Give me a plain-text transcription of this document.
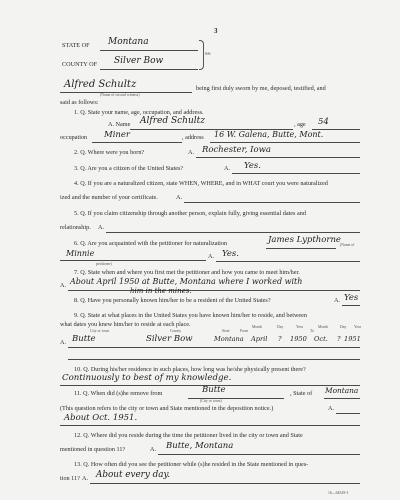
3
STATE OF Montana
SS:
COUNTY OF Silver Bow
Alfred Schultz
(Name of second witness)
being first duly sworn by me, deposed, testified, and
said as follows:
1. Q. State your name, age, occupation, and address.
A. Name Alfred Schultz	, age 54
occupation Miner	, address 16 W. Galena, Butte, Mont.
2. Q. Where were you born?	A. Rochester, Iowa
3. Q. Are you a citizen of the United States?	A. Yes.
4. Q. If you are a naturalized citizen, state WHEN, WHERE, and in WHAT court you were naturalized
ized and the number of your certificate.	A.
5. Q. If you claim citizenship through another person, explain fully, giving essential dates and
relationship. A.
6. Q. Are you acquainted with the petitioner for naturalization	James Lypthorne (Name of
Minnie	A. Yes.
petitioner)
7. Q. State when and where you first met the petitioner and how you came to meet him/her.
A. About April 1950 at Butte, Montana where I worked with
him in the mines.
8. Q. Have you personally known him/her to be a resident of the United States?	A. Yes
9. Q. State at what places in the United States you have known him/her to reside, and between
what dates you knew him/her to reside at each place.
City or town	County	State	From
Month	Day	Year
To
Month	Day Year
A. Butte	Silver Bow	Montana April ? 1950 Oct. ? 1951
10. Q. During his/her residence in such places, how long was he/she physically present there?
Continuously to best of my knowledge.
11. Q. When did (s)he remove from	Butte
(City or town)
, State of Montana
(This question refers to the city or town and State mentioned in the deposition notice.)	A.
About Oct. 1951.
12. Q. Where did you reside during the time the petitioner lived in the city or town and State
mentioned in question 11?	A. Butte, Montana
13. Q. How often did you see the petitioner while (s)he resided in the State mentioned in ques-
tion 11? A. About every day.
16—64549-3
